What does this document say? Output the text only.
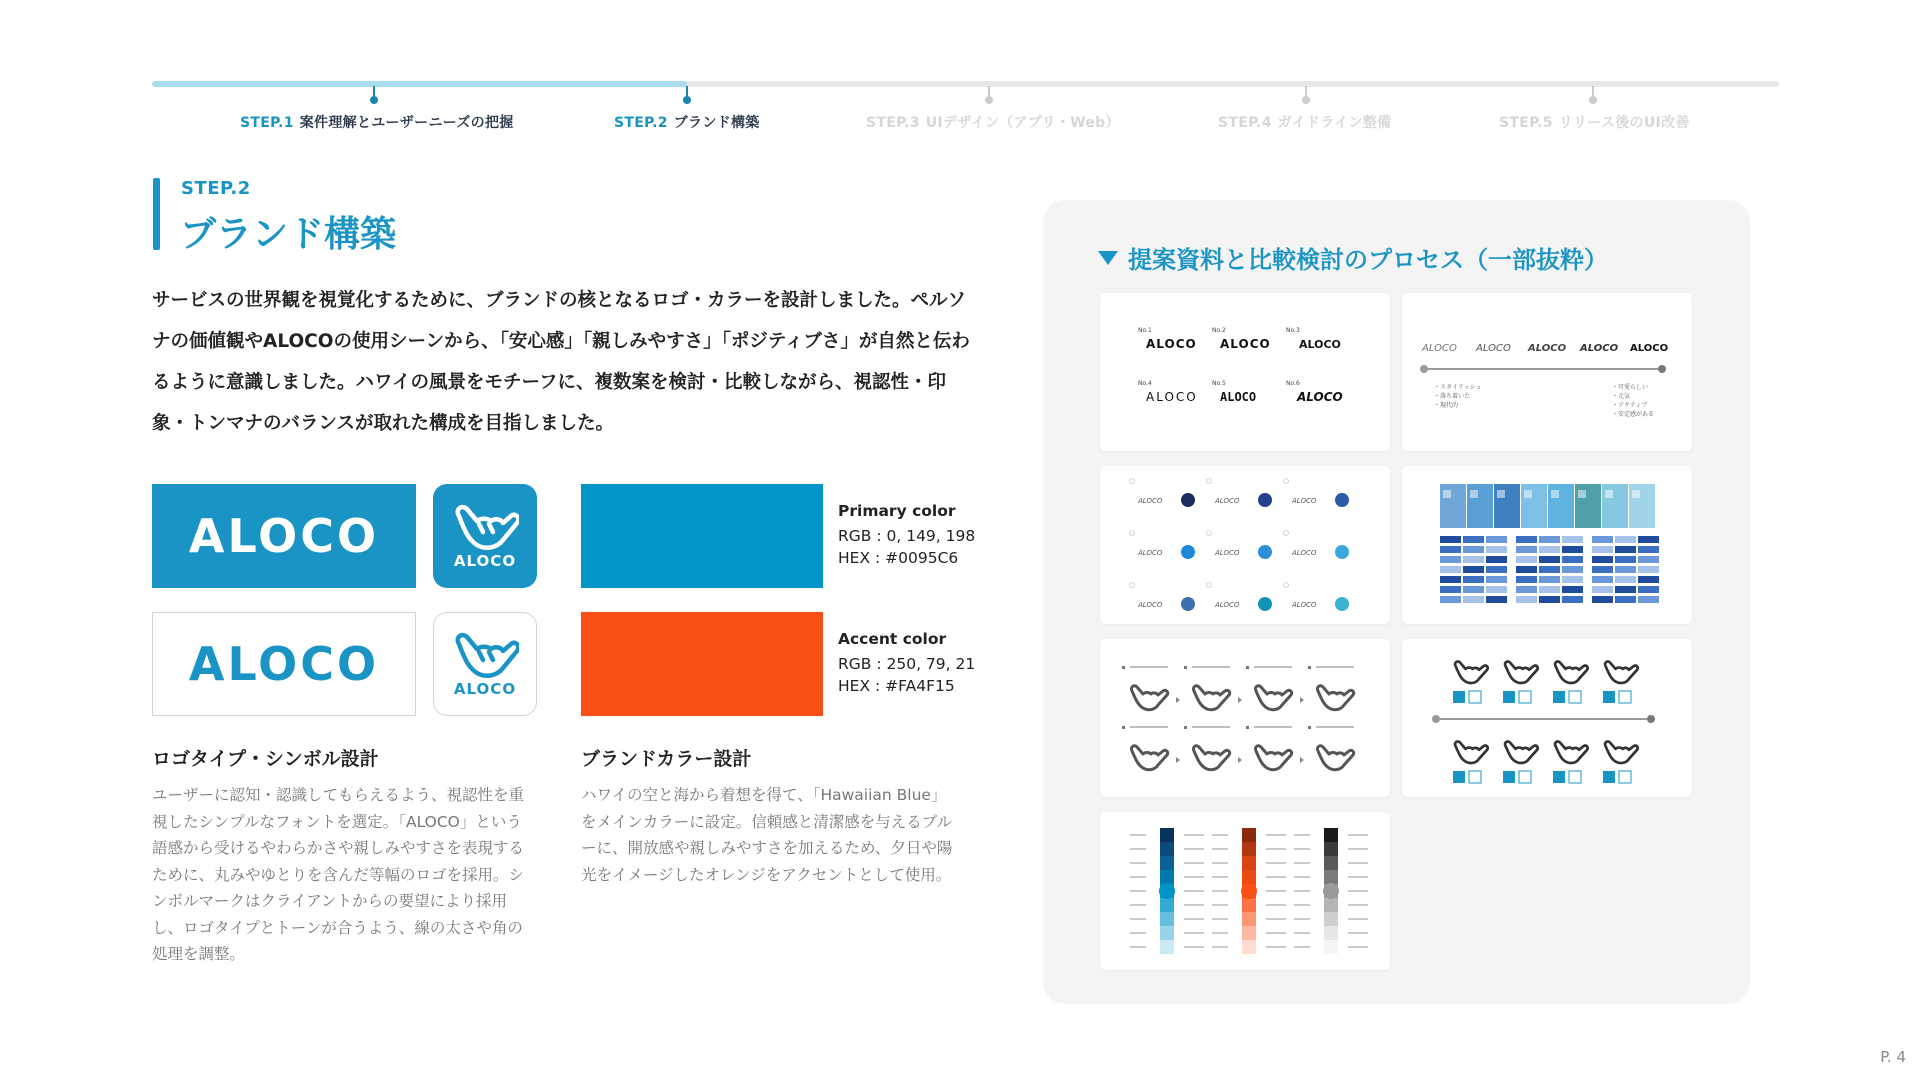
STEP.1 案件理解とユーザーニーズの把握	STEP.2 ブランド構築	STEP.3 UIデザイン（アプリ・Web）	STEP.4 ガイドライン整備	STEP.5 リリース後のUI改善
STEP.2
ブランド構築

サービスの世界観を視覚化するために、ブランドの核となるロゴ・カラーを設計しました。ペルソナの価値観やALOCOの使用シーンから、「安心感」「親しみやすさ」「ポジティブさ」が自然と伝わるように意識しました。ハワイの風景をモチーフに、複数案を検討・比較しながら、視認性・印象・トンマナのバランスが取れた構成を目指しました。

ALOCO	ALOCO
ALOCO	ALOCO
Primary color
RGB : 0, 149, 198
HEX : #0095C6
Accent color
RGB : 250, 79, 21
HEX : #FA4F15
ロゴタイプ・シンボル設計

ユーザーに認知・認識してもらえるよう、視認性を重視したシンプルなフォントを選定。「ALOCO」という語感から受けるやわらかさや親しみやすさを表現するために、丸みやゆとりを含んだ等幅のロゴを採用。シンボルマークはクライアントからの要望により採用し、ロゴタイプとトーンが合うよう、線の太さや角の処理を調整。

ブランドカラー設計

ハワイの空と海から着想を得て、「Hawaiian Blue」をメインカラーに設定。信頼感と清潔感を与えるブルーに、開放感や親しみやすさを加えるため、夕日や陽光をイメージしたオレンジをアクセントとして使用。

提案資料と比較検討のプロセス（一部抜粋）
No.1	No.2	No.3
ALOCO ALOCO	ALOCO
No.4	No.5	No.6
ALOCO ALOCO	ALOCO
ALOCO ALOCO ALOCO ALOCO ALOCO
・スタイリッシュ
・落ち着いた
・現代的
・可愛らしい
・元気
・アクティブ
・安定感がある
ALOCO	ALOCO	ALOCO
ALOCO	ALOCO	ALOCO
ALOCO	ALOCO	ALOCO
P. 4
